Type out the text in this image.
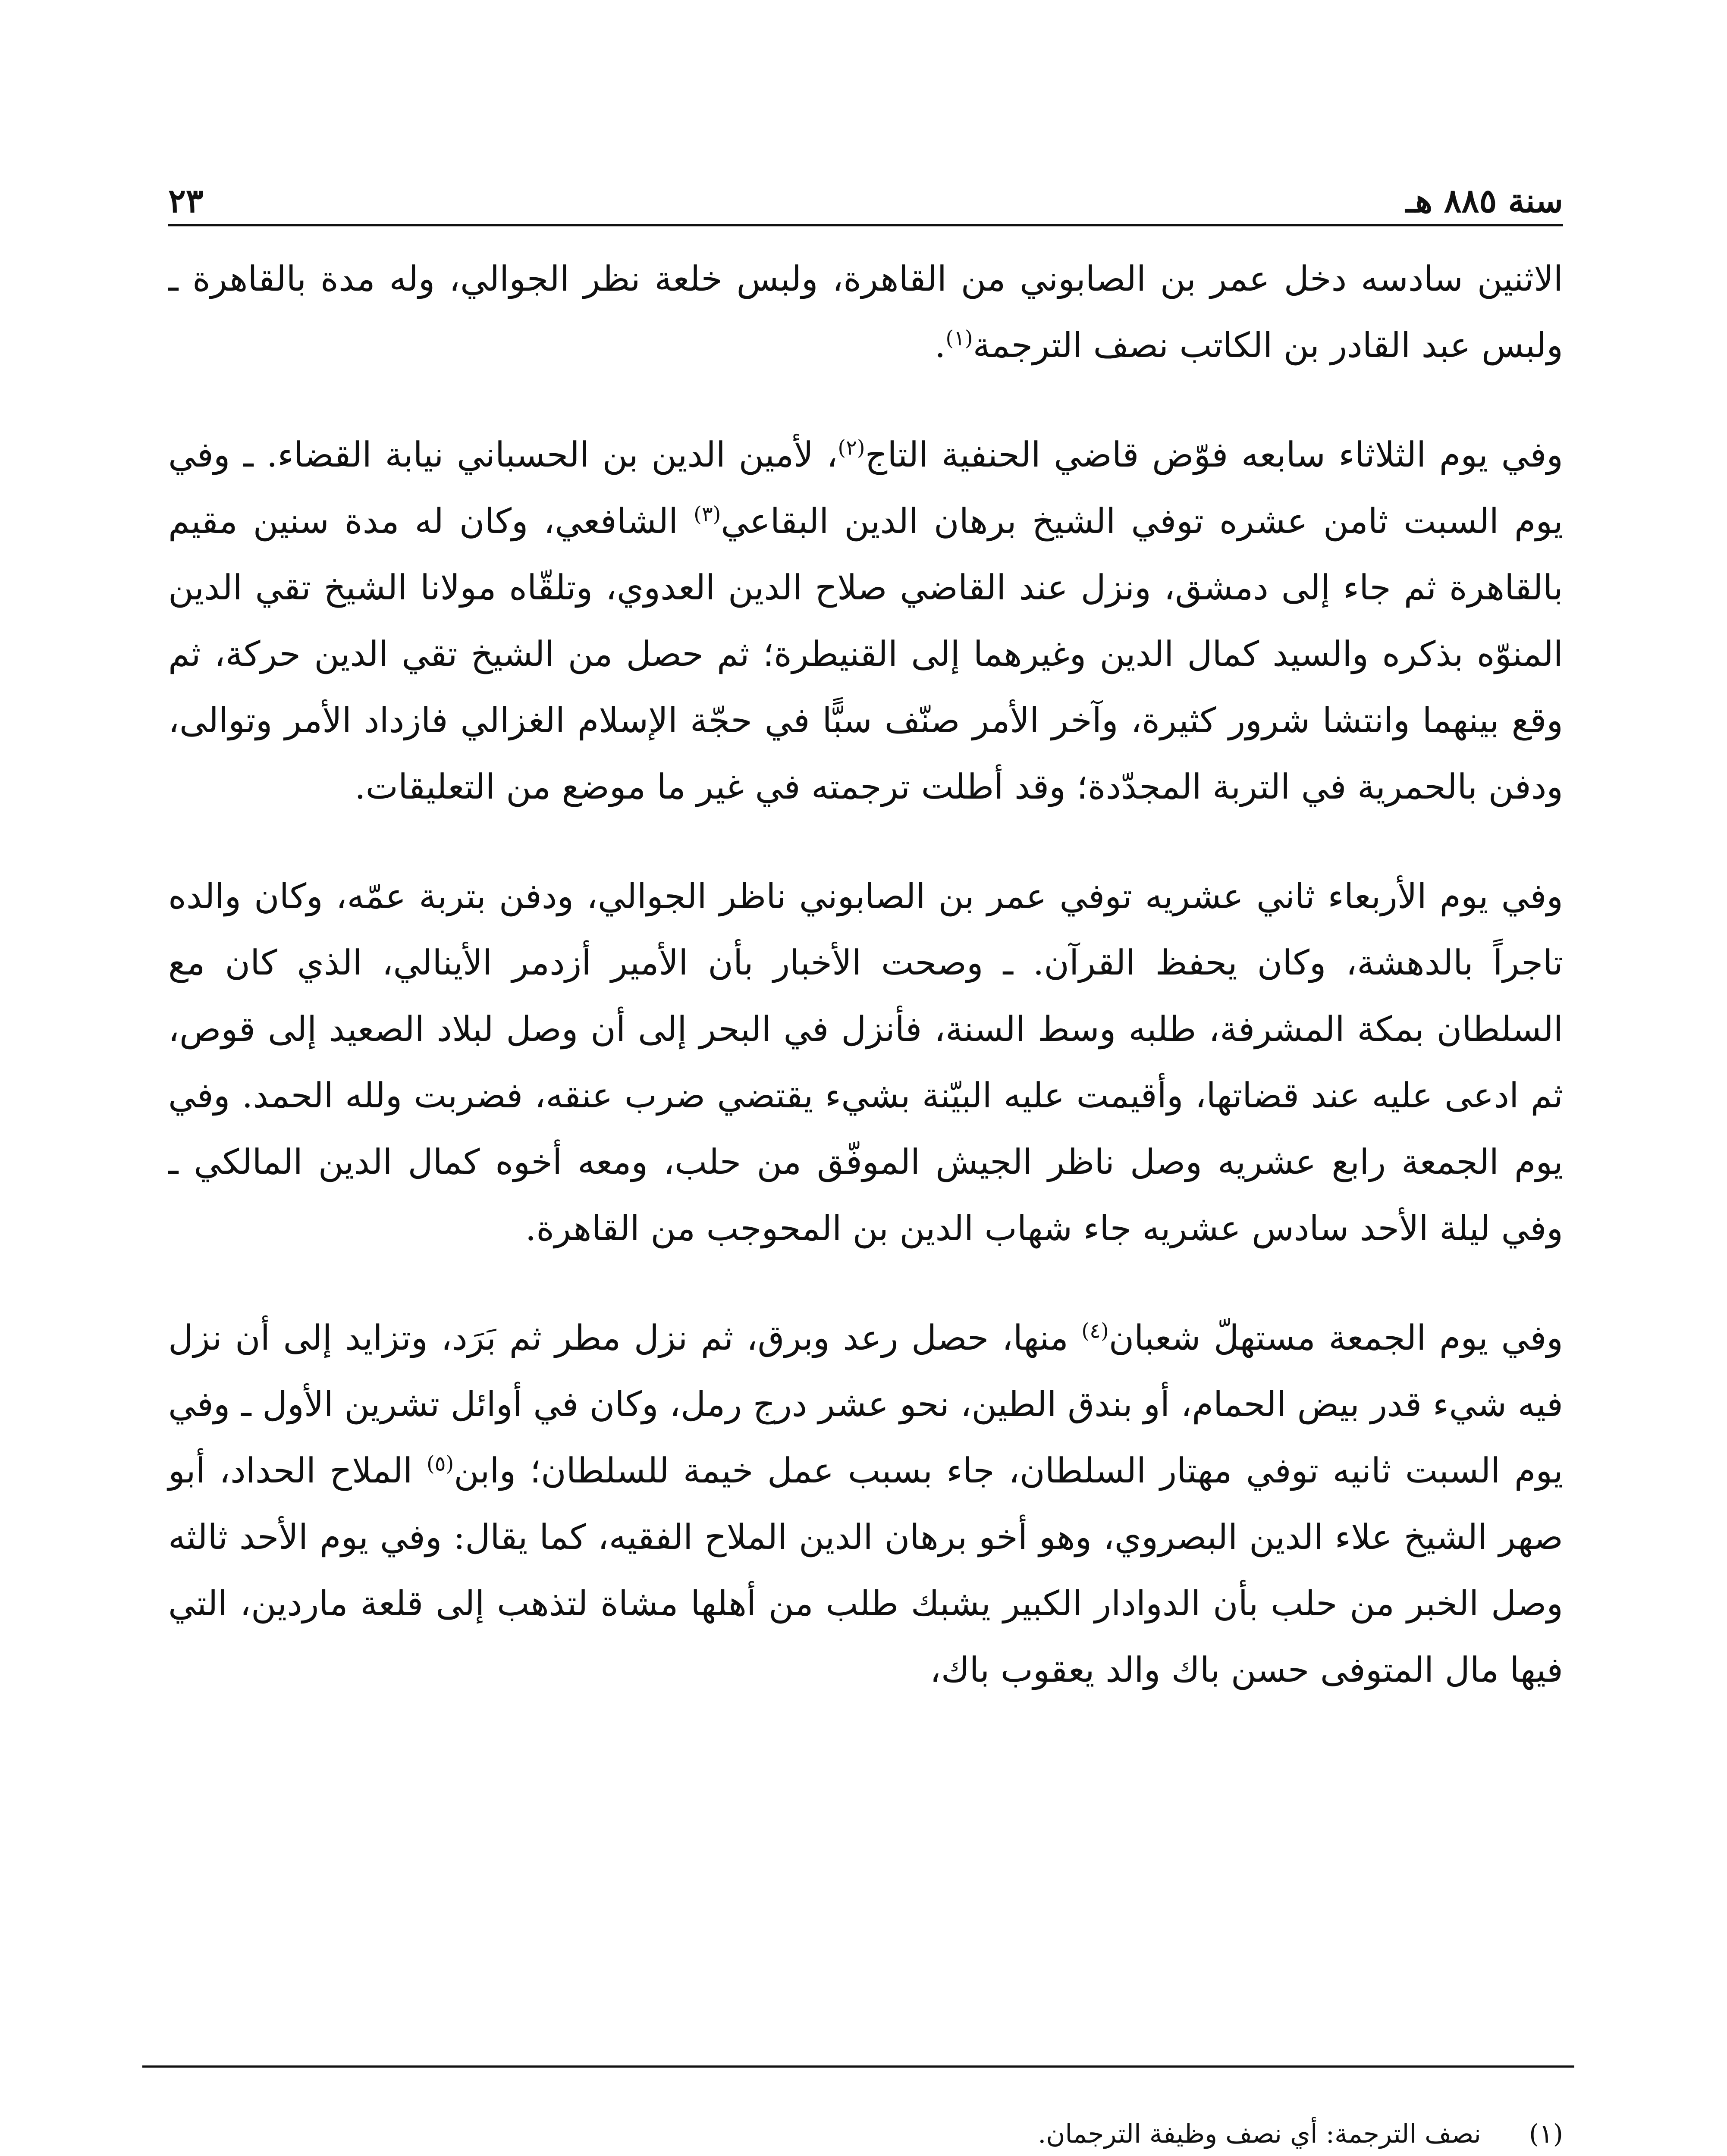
سنة ٨٨٥ هـ
٢٣

الاثنين سادسه دخل عمر بن الصابوني من القاهرة، ولبس خلعة نظر الجوالي، وله مدة بالقاهرة ـ ولبس عبد القادر بن الكاتب نصف الترجمة$^{(١)}$.

وفي يوم الثلاثاء سابعه فوّض قاضي الحنفية التاج$^{(٢)}$، لأمين الدين بن الحسباني نيابة القضاء. ـ وفي يوم السبت ثامن عشره توفي الشيخ برهان الدين البقاعي$^{(٣)}$ الشافعي، وكان له مدة سنين مقيم بالقاهرة ثم جاء إلى دمشق، ونزل عند القاضي صلاح الدين العدوي، وتلقّاه مولانا الشيخ تقي الدين المنوّه بذكره والسيد كمال الدين وغيرهما إلى القنيطرة؛ ثم حصل من الشيخ تقي الدين حركة، ثم وقع بينهما وانتشا شرور كثيرة، وآخر الأمر صنّف سبًّا في حجّة الإسلام الغزالي فازداد الأمر وتوالى، ودفن بالحمرية في التربة المجدّدة؛ وقد أطلت ترجمته في غير ما موضع من التعليقات.

وفي يوم الأربعاء ثاني عشريه توفي عمر بن الصابوني ناظر الجوالي، ودفن بتربة عمّه، وكان والده تاجراً بالدهشة، وكان يحفظ القرآن. ـ وصحت الأخبار بأن الأمير أزدمر الأينالي، الذي كان مع السلطان بمكة المشرفة، طلبه وسط السنة، فأنزل في البحر إلى أن وصل لبلاد الصعيد إلى قوص، ثم ادعى عليه عند قضاتها، وأقيمت عليه البيّنة بشيء يقتضي ضرب عنقه، فضربت ولله الحمد. وفي يوم الجمعة رابع عشريه وصل ناظر الجيش الموفّق من حلب، ومعه أخوه كمال الدين المالكي ـ وفي ليلة الأحد سادس عشريه جاء شهاب الدين بن المحوجب من القاهرة.

وفي يوم الجمعة مستهلّ شعبان$^{(٤)}$ منها، حصل رعد وبرق، ثم نزل مطر ثم بَرَد، وتزايد إلى أن نزل فيه شيء قدر بيض الحمام، أو بندق الطين، نحو عشر درج رمل، وكان في أوائل تشرين الأول ـ وفي يوم السبت ثانيه توفي مهتار السلطان، جاء بسبب عمل خيمة للسلطان؛ وابن$^{(٥)}$ الملاح الحداد، أبو صهر الشيخ علاء الدين البصروي، وهو أخو برهان الدين الملاح الفقيه، كما يقال: وفي يوم الأحد ثالثه وصل الخبر من حلب بأن الدوادار الكبير يشبك طلب من أهلها مشاة لتذهب إلى قلعة ماردين، التي فيها مال المتوفى حسن باك والد يعقوب باك،

(١)
نصف الترجمة: أي نصف وظيفة الترجمان.
